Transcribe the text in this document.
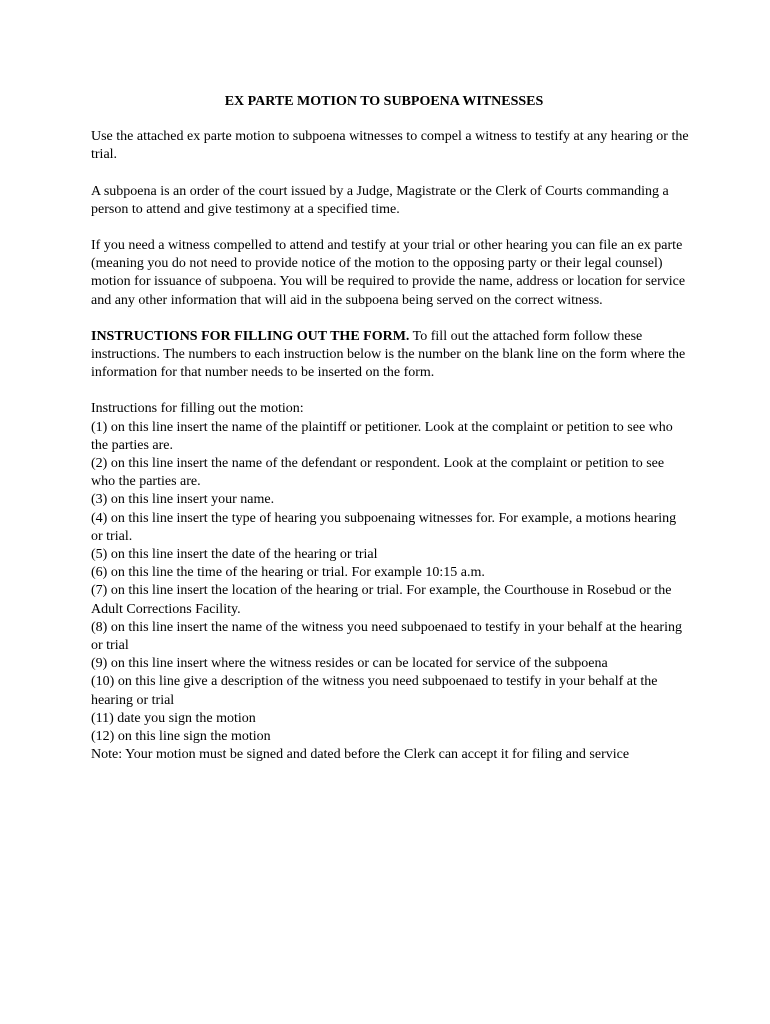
EX PARTE MOTION TO SUBPOENA WITNESSES

Use the attached ex parte motion to subpoena witnesses to compel a witness to testify at any hearing or the trial.

A subpoena is an order of the court issued by a Judge, Magistrate or the Clerk of Courts commanding a person to attend and give testimony at a specified time.

If you need a witness compelled to attend and testify at your trial or other hearing you can file an ex parte (meaning you do not need to provide notice of the motion to the opposing party or their legal counsel) motion for issuance of subpoena. You will be required to provide the name, address or location for service and any other information that will aid in the subpoena being served on the correct witness.

INSTRUCTIONS FOR FILLING OUT THE FORM. To fill out the attached form follow these instructions. The numbers to each instruction below is the number on the blank line on the form where the information for that number needs to be inserted on the form.

Instructions for filling out the motion:

(1) on this line insert the name of the plaintiff or petitioner. Look at the complaint or petition to see who the parties are.

(2) on this line insert the name of the defendant or respondent. Look at the complaint or petition to see who the parties are.

(3) on this line insert your name.

(4) on this line insert the type of hearing you subpoenaing witnesses for. For example, a motions hearing or trial.

(5) on this line insert the date of the hearing or trial

(6) on this line the time of the hearing or trial. For example 10:15 a.m.

(7) on this line insert the location of the hearing or trial. For example, the Courthouse in Rosebud or the Adult Corrections Facility.

(8) on this line insert the name of the witness you need subpoenaed to testify in your behalf at the hearing or trial

(9) on this line insert where the witness resides or can be located for service of the subpoena

(10) on this line give a description of the witness you need subpoenaed to testify in your behalf at the hearing or trial

(11) date you sign the motion

(12) on this line sign the motion

Note: Your motion must be signed and dated before the Clerk can accept it for filing and service
